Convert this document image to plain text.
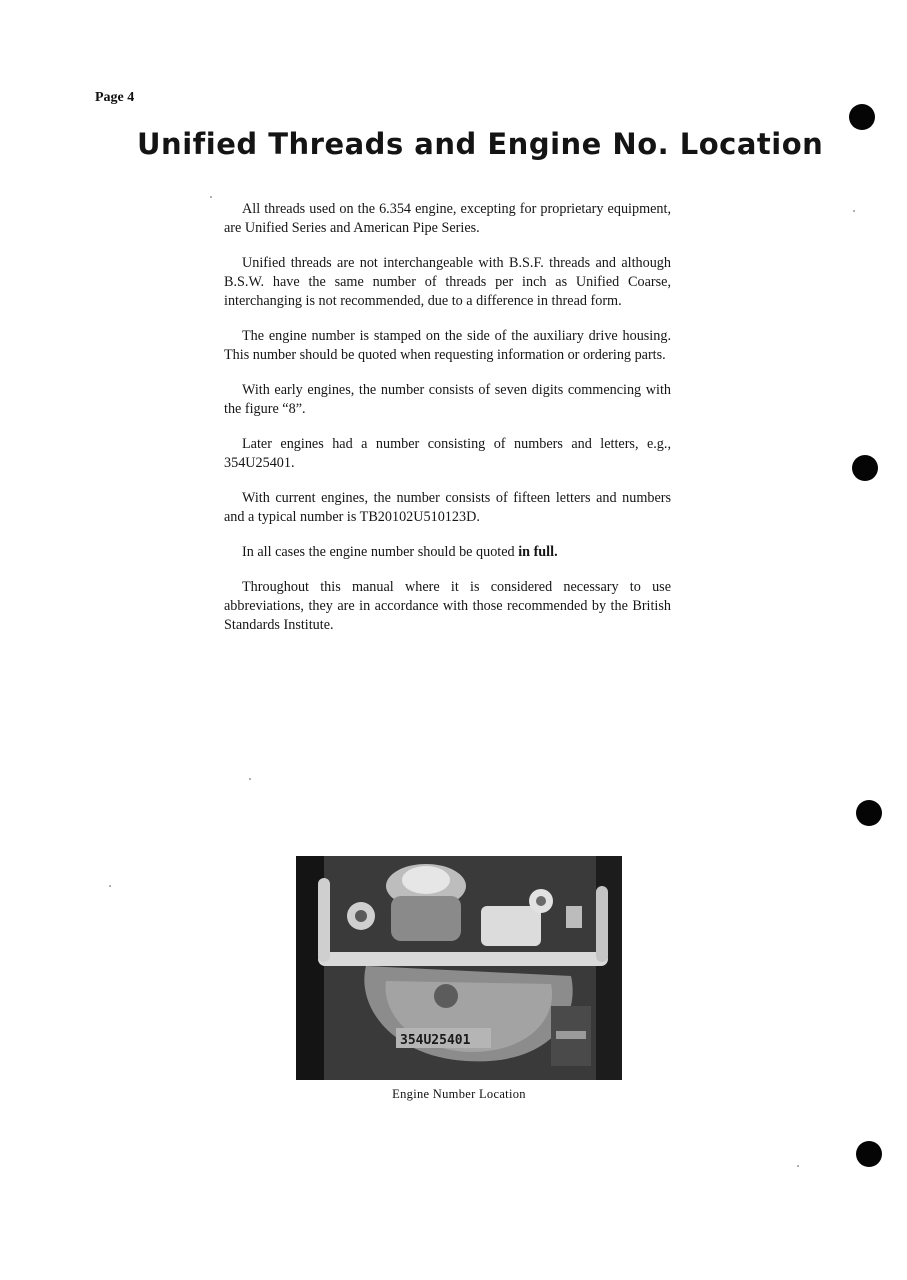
Page 4
Unified Threads and Engine No. Location

All threads used on the 6.354 engine, excepting for proprietary equipment, are Unified Series and American Pipe Series.

Unified threads are not interchangeable with B.S.F. threads and although B.S.W. have the same number of threads per inch as Unified Coarse, interchanging is not recommended, due to a difference in thread form.

The engine number is stamped on the side of the auxiliary drive housing. This number should be quoted when requesting information or ordering parts.

With early engines, the number consists of seven digits commencing with the figure “8”.

Later engines had a number consisting of numbers and letters, e.g., 354U25401.

With current engines, the number consists of fifteen letters and numbers and a typical number is TB20102U510123D.

In all cases the engine number should be quoted in full.

Throughout this manual where it is considered necessary to use abbreviations, they are in accordance with those recommended by the British Standards Institute.

354U25401
Engine Number Location
